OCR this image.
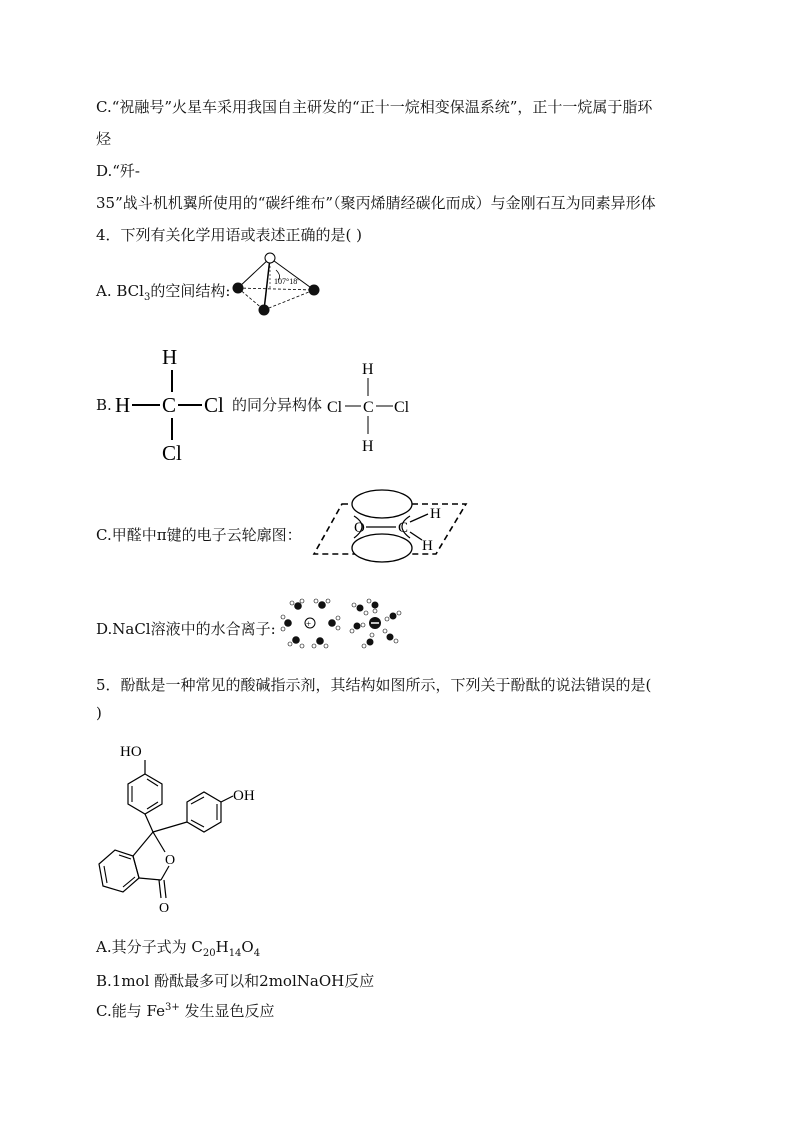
C.“祝融号”火星车采用我国自主研发的“正十一烷相变保温系统”，正十一烷属于脂环
烃
D.“歼-
35”战斗机机翼所使用的“碳纤维布”（聚丙烯腈经碳化而成）与金刚石互为同素异形体
4．下列有关化学用语或表述正确的是( )
A. BCl$_3$的空间结构:
107°18'
B.
H
H C Cl
Cl
的同分异构体
H
Cl C Cl
H
C.甲醛中π键的电子云轮廓图：	O C
H
H
D.NaCl溶液中的水合离子:	+
5．酚酞是一种常见的酸碱指示剂，其结构如图所示，下列关于酚酞的说法错误的是(
)
HO
OH
O
O
A.其分子式为 $C_{20}H_{14}O_4$
B.1mol 酚酞最多可以和2molNaOH反应
C.能与 $Fe^{3+}$ 发生显色反应
